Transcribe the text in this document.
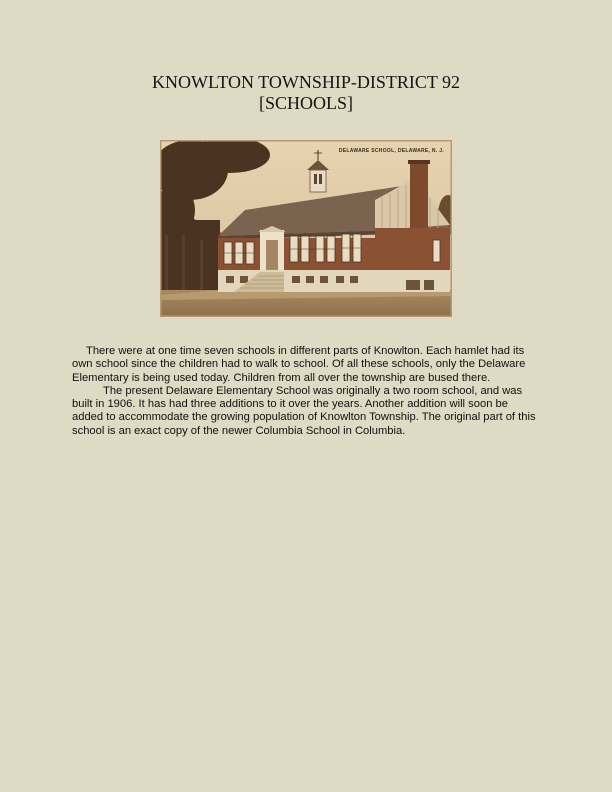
KNOWLTON TOWNSHIP-DISTRICT 92
[SCHOOLS]
DELAWARE SCHOOL, DELAWARE, N. J.

There were at one time seven schools in different parts of Knowlton. Each hamlet had its own school since the children had to walk to school. Of all these schools, only the Delaware Elementary is being used today. Children from all over the township are bused there.

The present Delaware Elementary School was originally a two room school, and was built in 1906. It has had three additions to it over the years. Another addition will soon be added to accommodate the growing population of Knowlton Township. The original part of this school is an exact copy of the newer Columbia School in Columbia.
